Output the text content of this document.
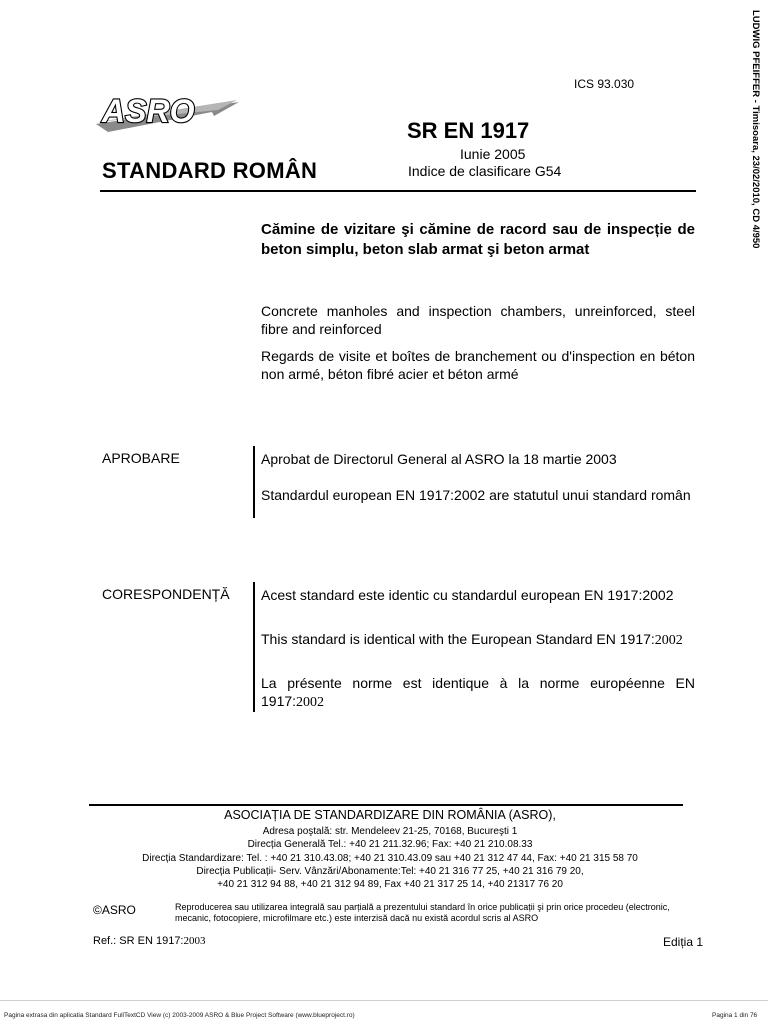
LUDWIG PFEIFFER - Timisoara, 23/02/2010, CD 4/950
ICS 93.030
ASRO
SR EN 1917
STANDARD ROMÂN
Iunie 2005
Indice de clasificare G54
Cămine de vizitare şi cămine de racord sau de inspecție de beton simplu, beton slab armat şi beton armat
Concrete manholes and inspection chambers, unreinforced, steel fibre and reinforced
Regards de visite et boîtes de branchement ou d'inspection en béton non armé, béton fibré acier et béton armé
APROBARE	Aprobat de Directorul General al ASRO la 18 martie 2003
Standardul european EN 1917:2002 are statutul unui standard român
CORESPONDENȚĂ Acest standard este identic cu standardul european EN 1917:2002
This standard is identical with the European Standard EN 1917:2002
La présente norme est identique à la norme européenne EN 1917:2002
ASOCIAȚIA DE STANDARDIZARE DIN ROMÂNIA (ASRO),
Adresa poştală: str. Mendeleev 21-25, 70168, Bucureşti 1
Direcția Generală Tel.: +40 21 211.32.96; Fax: +40 21 210.08.33
Direcția Standardizare: Tel. : +40 21 310.43.08; +40 21 310.43.09 sau +40 21 312 47 44, Fax: +40 21 315 58 70
Direcția Publicații- Serv. Vânzări/Abonamente:Tel: +40 21 316 77 25, +40 21 316 79 20,
+40 21 312 94 88, +40 21 312 94 89, Fax +40 21 317 25 14, +40 21317 76 20
©ASRO	Reproducerea sau utilizarea integrală sau parțială a prezentului standard în orice publicații şi prin orice procedeu (electronic, mecanic, fotocopiere, microfilmare etc.) este interzisă dacă nu există acordul scris al ASRO
Ref.: SR EN 1917:2003	Ediția 1
Pagina extrasa din aplicatia Standard FullTextCD View (c) 2003-2009 ASRO & Blue Project Software (www.blueproject.ro)	Pagina 1 din 76
